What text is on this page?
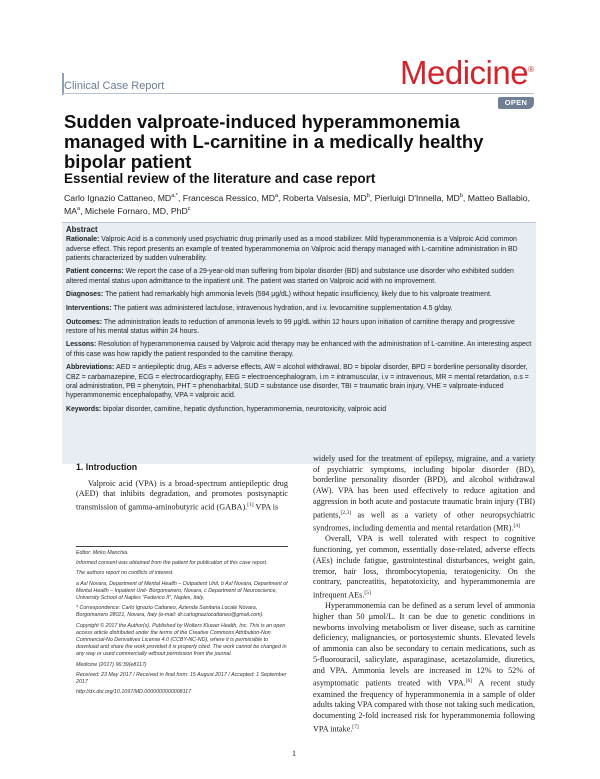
Clinical Case Report	Medicine®
OPEN
Sudden valproate-induced hyperammonemia managed with L-carnitine in a medically healthy bipolar patient
Essential review of the literature and case report
Carlo Ignazio Cattaneo, $MD^{a,*}$, Francesca Ressico, $MD^a$, Roberta Valsesia, $MD^b$, Pierluigi D'Innella, $MD^b$, Matteo Ballabio, $MA^a$, Michele Fornaro, MD, PhD$^c$
Abstract
Rationale: Valproic Acid is a commonly used psychiatric drug primarily used as a mood stabilizer. Mild hyperammonemia is a Valproic Acid common adverse effect. This report presents an example of treated hyperammonemia on Valproic acid therapy managed with L-carnitine administration in BD patients characterized by sudden vulnerability.
Patient concerns: We report the case of a 29-year-old man suffering from bipolar disorder (BD) and substance use disorder who exhibited sudden altered mental status upon admittance to the inpatient unit. The patient was started on Valproic acid with no improvement.
Diagnoses: The patient had remarkably high ammonia levels (594 μg/dL) without hepatic insufficiency, likely due to his valproate treatment.
Interventions: The patient was administered lactulose, intravenous hydration, and i.v. levocarnitine supplementation 4.5 g/day.
Outcomes: The administration leads to reduction of ammonia levels to 99 μg/dL within 12 hours upon initiation of carnitine therapy and progressive restore of his mental status within 24 hours.
Lessons: Resolution of hyperammonemia caused by Valproic acid therapy may be enhanced with the administration of L-carnitine. An interesting aspect of this case was how rapidly the patient responded to the carnitine therapy.
Abbreviations: AED = antiepileptic drug, AEs = adverse effects, AW = alcohol withdrawal, BD = bipolar disorder, BPD = borderline personality disorder, CBZ = carbamazepine, ECG = electrocardiography, EEG = electroencephalogram, i.m = intramuscular, i.v = intravenous, MR = mental retardation, o.s = oral administration, PB = phenytoin, PHT = phenobarbital, SUD = substance use disorder, TBI = traumatic brain injury, VHE = valproate-induced hyperammonemic encephalopathy, VPA = valproic acid.
Keywords: bipolar disorder, carnitine, hepatic dysfunction, hyperammonemia, neurotoxicity, valproic acid
1. Introduction

Valproic acid (VPA) is a broad-spectrum antiepileptic drug (AED) that inhibits degradation, and promotes postsynaptic transmission of gamma-aminobutyric acid (GABA).[1] VPA is

Editor: Mirko Manchia.

Informed consent was obtained from the patient for publication of this case report.

The authors report no conflicts of interest.

a Asl Novara, Department of Mental Health – Outpatient Unit, b Asl Novara, Department of Mental Health – Inpatient Unit- Borgomanero, Novara, c Department of Neuroscience, University School of Naples "Federico II", Naples, Italy.

* Correspondence: Carlo Ignazio Cattaneo, Azienda Sanitaria Locale Novara, Borgomanero 28021, Novara, Italy (e-mail: dr.carlognaziocattaneo@gmail.com).

Copyright © 2017 the Author(s). Published by Wolters Kluwer Health, Inc. This is an open access article distributed under the terms of the Creative Commons Attribution-Non Commercial-No Derivatives License 4.0 (CCBY-NC-ND), where it is permissible to download and share the work provided it is properly cited. The work cannot be changed in any way or used commercially without permission from the journal.

Medicine (2017) 96:39(e8117)

Received: 23 May 2017 / Received in final form: 15 August 2017 / Accepted: 1 September 2017

http://dx.doi.org/10.1097/MD.0000000000008117

widely used for the treatment of epilepsy, migraine, and a variety of psychiatric symptoms, including bipolar disorder (BD), borderline personality disorder (BPD), and alcohol withdrawal (AW). VPA has been used effectively to reduce agitation and aggression in both acute and postacute traumatic brain injury (TBI) patients,[2,3] as well as a variety of other neuropsychiatric syndromes, including dementia and mental retardation (MR).[4]

Overall, VPA is well tolerated with respect to cognitive functioning, yet common, essentially dose-related, adverse effects (AEs) include fatigue, gastrointestinal disturbances, weight gain, tremor, hair loss, thrombocytopenia, teratogenicity. On the contrary, pancreatitis, hepatotoxicity, and hyperammonemia are infrequent AEs.[5]

Hyperammonemia can be defined as a serum level of ammonia higher than 50 μmol/L. It can be due to genetic conditions in newborns involving metabolism or liver disease, such as carnitine deficiency, malignancies, or portosystemic shunts. Elevated levels of ammonia can also be secondary to certain medications, such as 5-fluorouracil, salicylate, asparaginase, acetazolamide, diuretics, and VPA. Ammonia levels are increased in 12% to 52% of asymptomatic patients treated with VPA.[6] A recent study examined the frequency of hyperammonemia in a sample of older adults taking VPA compared with those not taking such medication, documenting 2-fold increased risk for hyperammonemia following VPA intake.[7]

1
